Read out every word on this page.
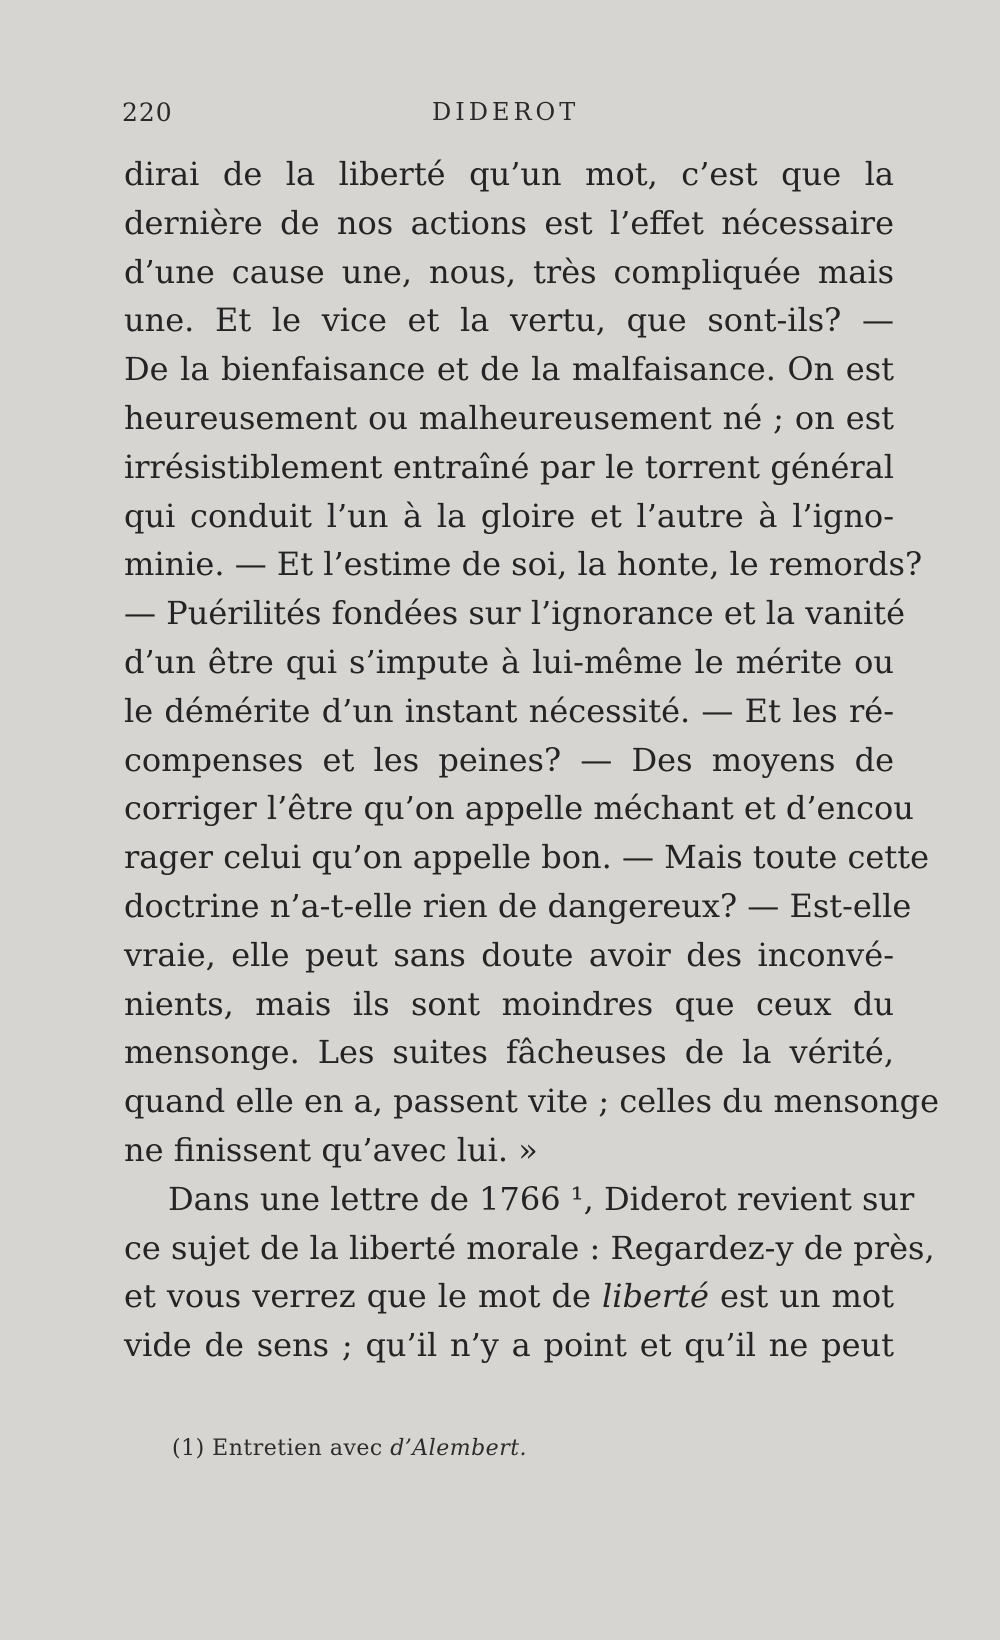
220	DIDEROT
dirai de la liberté qu’un mot, c’est que la
dernière de nos actions est l’effet nécessaire
d’une cause une, nous, très compliquée mais
une. Et le vice et la vertu, que sont-ils? —
De la bienfaisance et de la malfaisance. On est
heureusement ou malheureusement né ; on est
irrésistiblement entraîné par le torrent général
qui conduit l’un à la gloire et l’autre à l’igno-
minie. — Et l’estime de soi, la honte, le remords?
— Puérilités fondées sur l’ignorance et la vanité
d’un être qui s’impute à lui-même le mérite ou
le démérite d’un instant nécessité. — Et les ré-
compenses et les peines? — Des moyens de
corriger l’être qu’on appelle méchant et d’encou
rager celui qu’on appelle bon. — Mais toute cette
doctrine n’a-t-elle rien de dangereux? — Est-elle
vraie, elle peut sans doute avoir des inconvé-
nients, mais ils sont moindres que ceux du
mensonge. Les suites fâcheuses de la vérité,
quand elle en a, passent vite ; celles du mensonge
ne finissent qu’avec lui. »
Dans une lettre de 1766 ¹, Diderot revient sur
ce sujet de la liberté morale : Regardez-y de près,
et vous verrez que le mot de liberté est un mot
vide de sens ; qu’il n’y a point et qu’il ne peut
(1) Entretien avec d’Alembert.
